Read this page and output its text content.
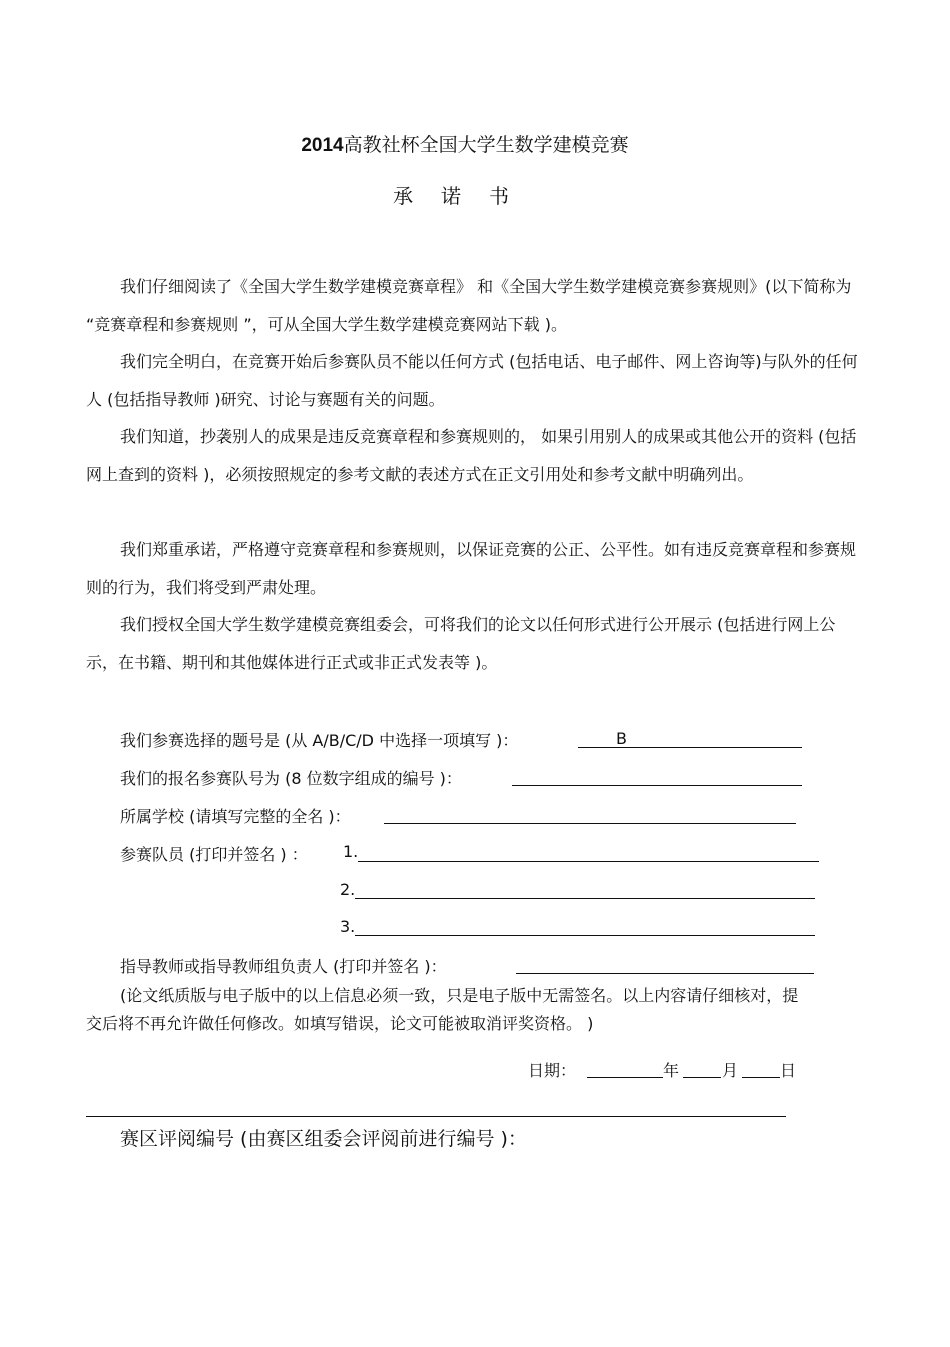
2014高教社杯全国大学生数学建模竞赛
承诺书

我们仔细阅读了《全国大学生数学建模竞赛章程》 和《全国大学生数学建模竞赛参赛规则》(以下简称为 “竞赛章程和参赛规则 ”，可从全国大学生数学建模竞赛网站下载 )。

我们完全明白，在竞赛开始后参赛队员不能以任何方式 (包括电话、电子邮件、网上咨询等)与队外的任何人 (包括指导教师 )研究、讨论与赛题有关的问题。

我们知道，抄袭别人的成果是违反竞赛章程和参赛规则的， 如果引用别人的成果或其他公开的资料 (包括网上查到的资料 )，必须按照规定的参考文献的表述方式在正文引用处和参考文献中明确列出。

我们郑重承诺，严格遵守竞赛章程和参赛规则，以保证竞赛的公正、公平性。如有违反竞赛章程和参赛规则的行为，我们将受到严肃处理。

我们授权全国大学生数学建模竞赛组委会，可将我们的论文以任何形式进行公开展示 (包括进行网上公示，在书籍、期刊和其他媒体进行正式或非正式发表等 )。

我们参赛选择的题号是 (从 A/B/C/D 中选择一项填写 )：	B
我们的报名参赛队号为 (8 位数字组成的编号 )：
所属学校 (请填写完整的全名 )：
参赛队员 (打印并签名 ) ： 1.
2.
3.
指导教师或指导教师组负责人 (打印并签名 )：

(论文纸质版与电子版中的以上信息必须一致，只是电子版中无需签名。以上内容请仔细核对，提交后将不再允许做任何修改。如填写错误，论文可能被取消评奖资格。 )

日期：	年	月	日
赛区评阅编号 (由赛区组委会评阅前进行编号 )：
